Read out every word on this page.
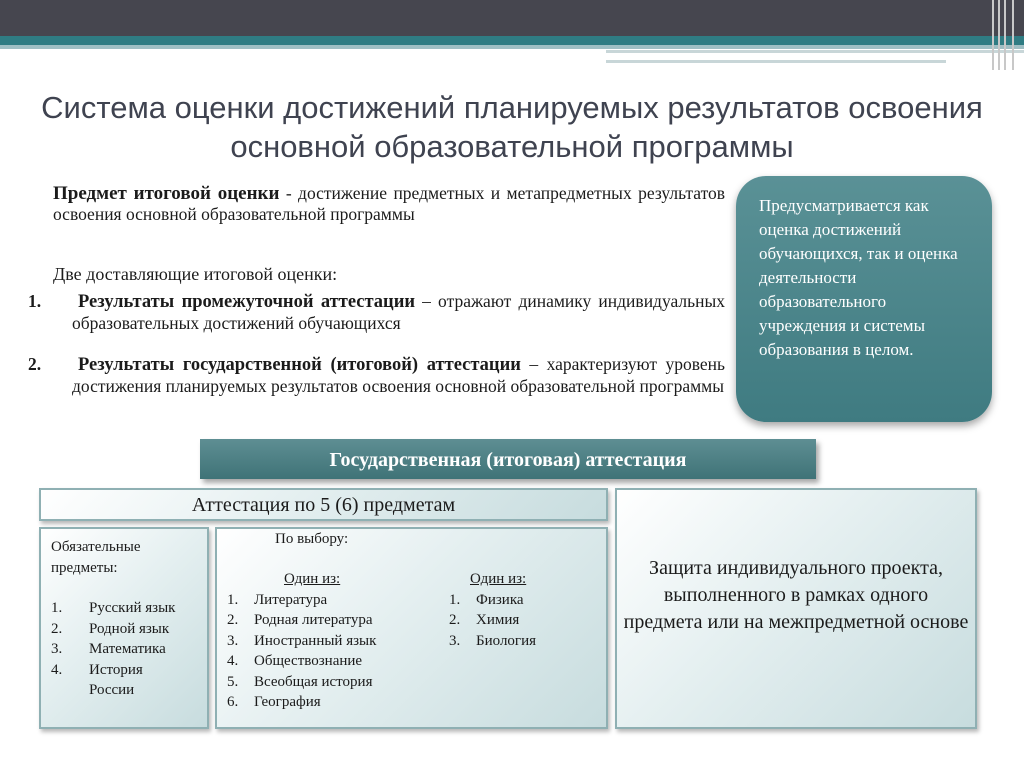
Система оценки достижений планируемых результатов освоения основной образовательной программы
Предмет итоговой оценки - достижение предметных и метапредметных результатов освоения основной образовательной программы
Две доставляющие итоговой оценки:
1.	Результаты промежуточной аттестации – отражают динамику индивидуальных образовательных достижений обучающихся
2.	Результаты государственной (итоговой) аттестации – характеризуют уровень достижения планируемых результатов освоения основной образовательной программы
Предусматривается как оценка достижений обучающихся, так и оценка деятельности образовательного учреждения и системы образования в целом.
Государственная (итоговая) аттестация
Аттестация по 5 (6) предметам
Обязательные предметы:
1. Русский язык
2. Родной язык
3. Математика
4. История России
По выбору:
Один из:
1. Литература
2. Родная литература
3. Иностранный язык
4. Обществознание
5. Всеобщая история
6. География
Один из:
1. Физика
2. Химия
3. Биология
Защита индивидуального проекта, выполненного в рамках одного предмета или на межпредметной основе
